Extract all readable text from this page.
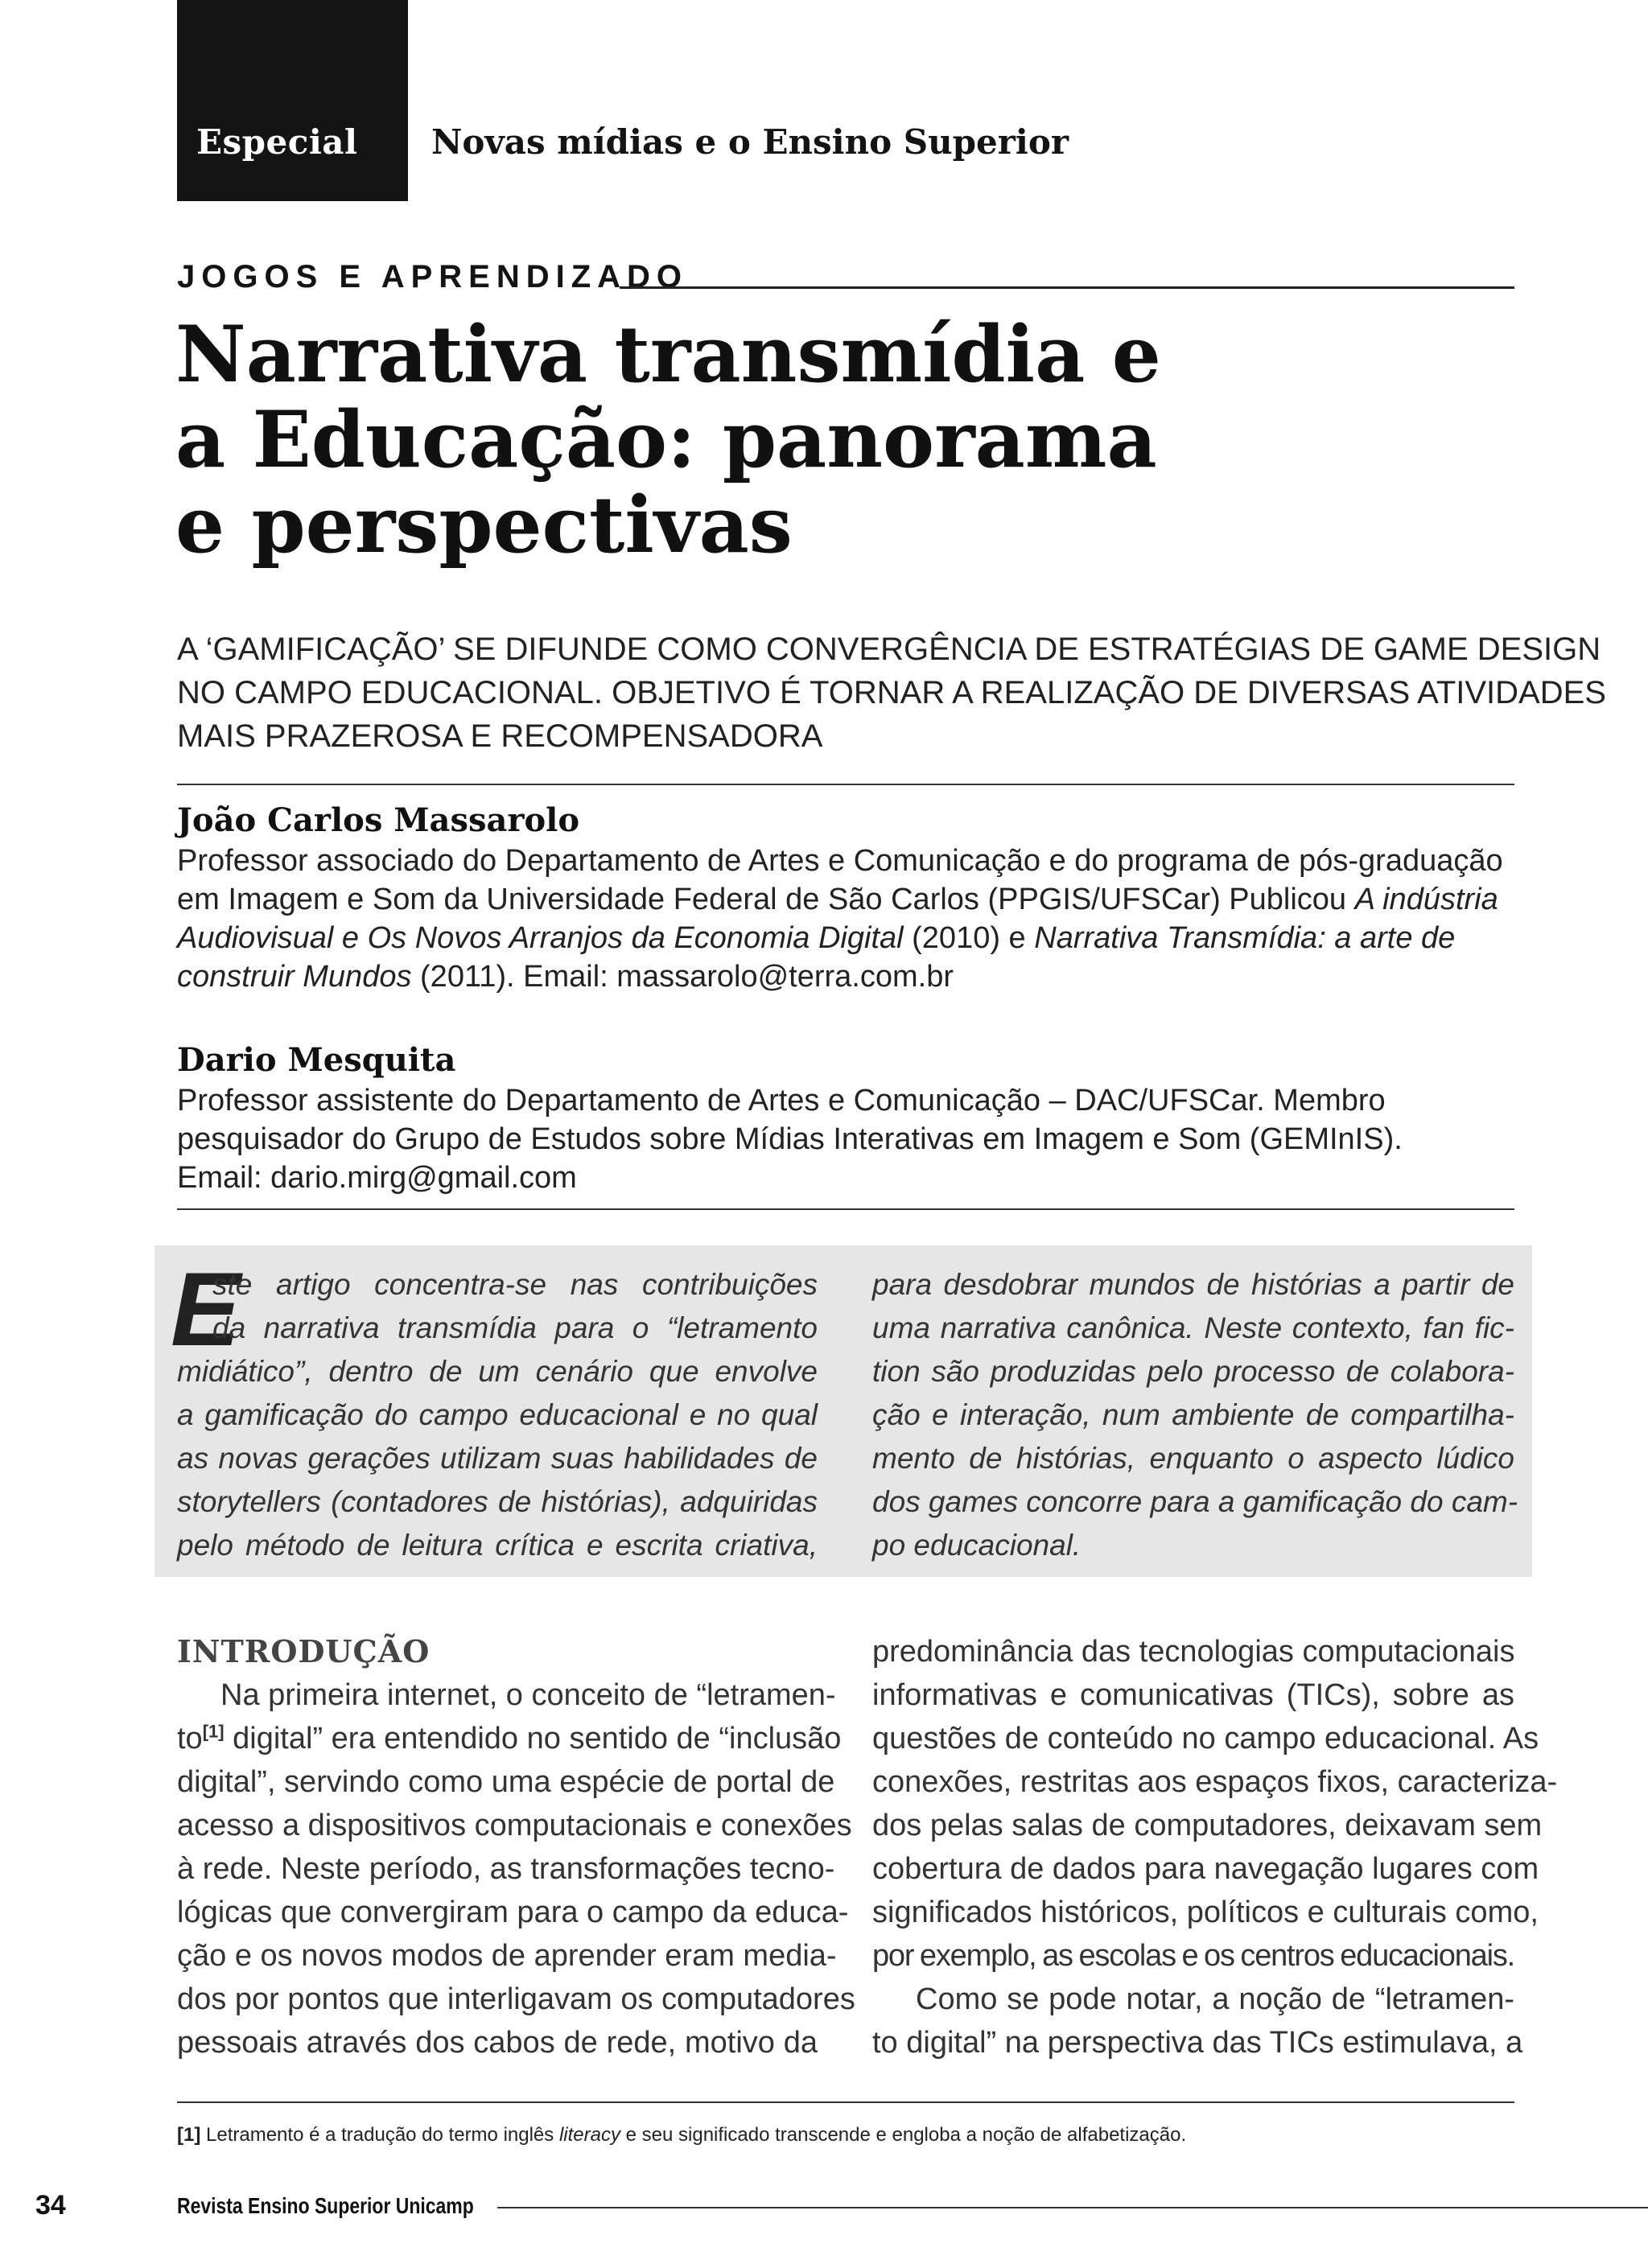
Especial Novas mídias e o Ensino Superior
JOGOS E APRENDIZADO
Narrativa transmídia e
a Educação: panorama
e perspectivas
A ‘GAMIFICAÇÃO’ SE DIFUNDE COMO CONVERGÊNCIA DE ESTRATÉGIAS DE GAME DESIGN
NO CAMPO EDUCACIONAL. OBJETIVO É TORNAR A REALIZAÇÃO DE DIVERSAS ATIVIDADES
MAIS PRAZEROSA E RECOMPENSADORA
João Carlos Massarolo
Professor associado do Departamento de Artes e Comunicação e do programa de pós-graduação
em Imagem e Som da Universidade Federal de São Carlos (PPGIS/UFSCar) Publicou A indústria
Audiovisual e Os Novos Arranjos da Economia Digital (2010) e Narrativa Transmídia: a arte de
construir Mundos (2011). Email: massarolo@terra.com.br
Dario Mesquita
Professor assistente do Departamento de Artes e Comunicação – DAC/UFSCar. Membro
pesquisador do Grupo de Estudos sobre Mídias Interativas em Imagem e Som (GEMInIS).
Email: dario.mirg@gmail.com
E
ste artigo concentra-se nas contribuições
da narrativa transmídia para o “letramento
midiático”, dentro de um cenário que envolve
a gamificação do campo educacional e no qual
as novas gerações utilizam suas habilidades de
storytellers (contadores de histórias), adquiridas
pelo método de leitura crítica e escrita criativa,
para desdobrar mundos de histórias a partir de
uma narrativa canônica. Neste contexto, fan fic-
tion são produzidas pelo processo de colabora-
ção e interação, num ambiente de compartilha-
mento de histórias, enquanto o aspecto lúdico
dos games concorre para a gamificação do cam-
po educacional.
INTRODUÇÃO
Na primeira internet, o conceito de “letramen-
to[1] digital” era entendido no sentido de “inclusão
digital”, servindo como uma espécie de portal de
acesso a dispositivos computacionais e conexões
à rede. Neste período, as transformações tecno-
lógicas que convergiram para o campo da educa-
ção e os novos modos de aprender eram media-
dos por pontos que interligavam os computadores
pessoais através dos cabos de rede, motivo da
predominância das tecnologias computacionais
informativas e comunicativas (TICs), sobre as
questões de conteúdo no campo educacional. As
conexões, restritas aos espaços fixos, caracteriza-
dos pelas salas de computadores, deixavam sem
cobertura de dados para navegação lugares com
significados históricos, políticos e culturais como,
por exemplo, as escolas e os centros educacionais.
Como se pode notar, a noção de “letramen-
to digital” na perspectiva das TICs estimulava, a
[1] Letramento é a tradução do termo inglês literacy e seu significado transcende e engloba a noção de alfabetização.
34	Revista Ensino Superior Unicamp
